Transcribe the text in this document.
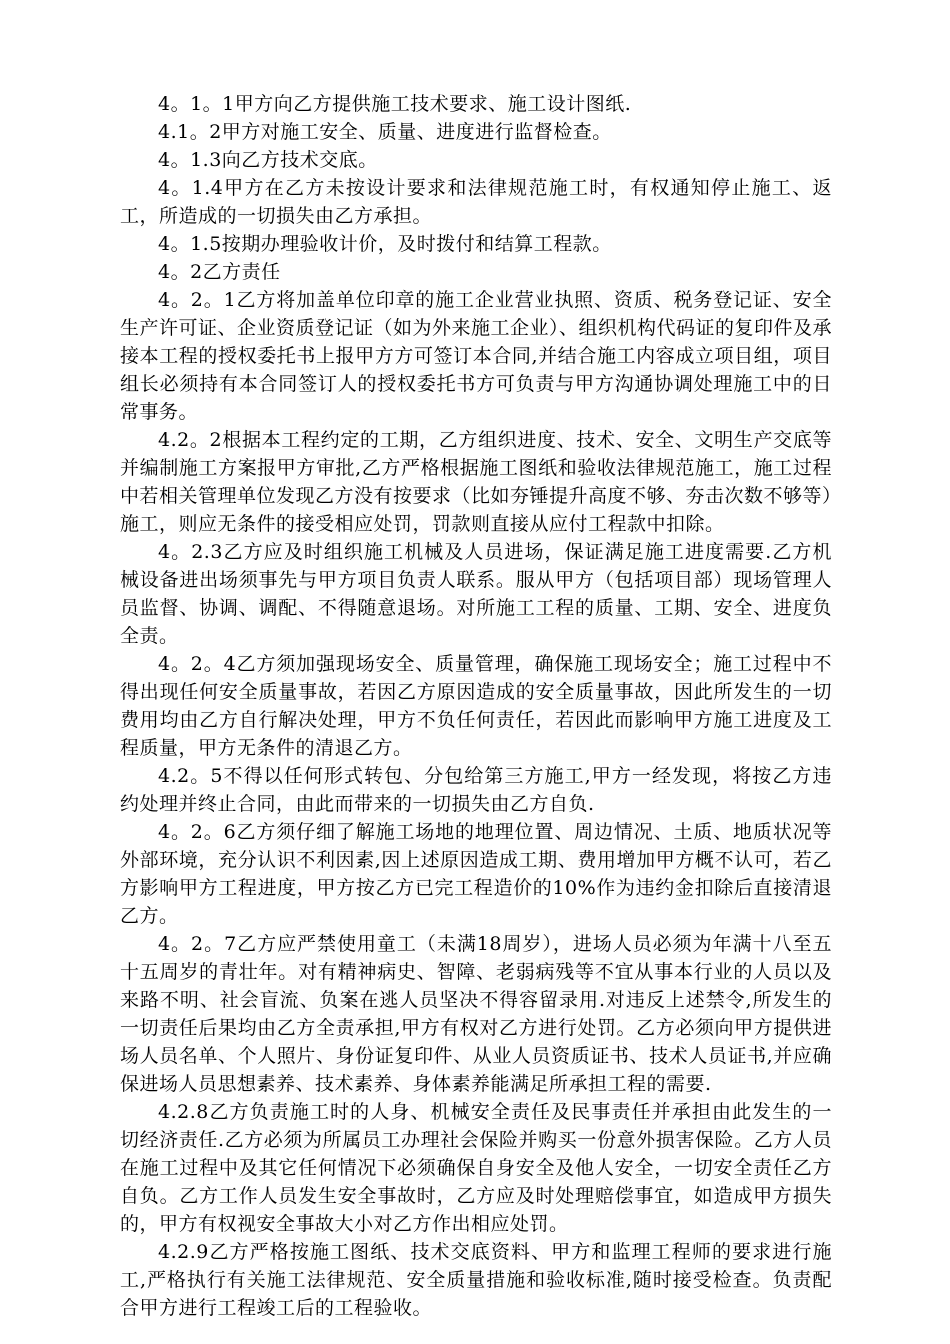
4。1。1甲方向乙方提供施工技术要求、施工设计图纸.

4.1。2甲方对施工安全、质量、进度进行监督检查。

4。1.3向乙方技术交底。

4。1.4甲方在乙方未按设计要求和法律规范施工时，有权通知停止施工、返工，所造成的一切损失由乙方承担。

4。1.5按期办理验收计价，及时拨付和结算工程款。

4。2乙方责任

4。2。1乙方将加盖单位印章的施工企业营业执照、资质、税务登记证、安全生产许可证、企业资质登记证（如为外来施工企业）、组织机构代码证的复印件及承接本工程的授权委托书上报甲方方可签订本合同,并结合施工内容成立项目组，项目组长必须持有本合同签订人的授权委托书方可负责与甲方沟通协调处理施工中的日常事务。

4.2。2根据本工程约定的工期，乙方组织进度、技术、安全、文明生产交底等并编制施工方案报甲方审批,乙方严格根据施工图纸和验收法律规范施工，施工过程中若相关管理单位发现乙方没有按要求（比如夯锤提升高度不够、夯击次数不够等）施工，则应无条件的接受相应处罚，罚款则直接从应付工程款中扣除。

4。2.3乙方应及时组织施工机械及人员进场，保证满足施工进度需要.乙方机械设备进出场须事先与甲方项目负责人联系。服从甲方（包括项目部）现场管理人员监督、协调、调配、不得随意退场。对所施工工程的质量、工期、安全、进度负全责。

4。2。4乙方须加强现场安全、质量管理，确保施工现场安全；施工过程中不得出现任何安全质量事故，若因乙方原因造成的安全质量事故，因此所发生的一切费用均由乙方自行解决处理，甲方不负任何责任，若因此而影响甲方施工进度及工程质量，甲方无条件的清退乙方。

4.2。5不得以任何形式转包、分包给第三方施工,甲方一经发现，将按乙方违约处理并终止合同，由此而带来的一切损失由乙方自负.

4。2。6乙方须仔细了解施工场地的地理位置、周边情况、土质、地质状况等外部环境，充分认识不利因素,因上述原因造成工期、费用增加甲方概不认可，若乙方影响甲方工程进度，甲方按乙方已完工程造价的10%作为违约金扣除后直接清退乙方。

4。2。7乙方应严禁使用童工（未满18周岁），进场人员必须为年满十八至五十五周岁的青壮年。对有精神病史、智障、老弱病残等不宜从事本行业的人员以及来路不明、社会盲流、负案在逃人员坚决不得容留录用.对违反上述禁令,所发生的一切责任后果均由乙方全责承担,甲方有权对乙方进行处罚。乙方必须向甲方提供进场人员名单、个人照片、身份证复印件、从业人员资质证书、技术人员证书,并应确保进场人员思想素养、技术素养、身体素养能满足所承担工程的需要.

4.2.8乙方负责施工时的人身、机械安全责任及民事责任并承担由此发生的一切经济责任.乙方必须为所属员工办理社会保险并购买一份意外损害保险。乙方人员在施工过程中及其它任何情况下必须确保自身安全及他人安全，一切安全责任乙方自负。乙方工作人员发生安全事故时，乙方应及时处理赔偿事宜，如造成甲方损失的，甲方有权视安全事故大小对乙方作出相应处罚。

4.2.9乙方严格按施工图纸、技术交底资料、甲方和监理工程师的要求进行施工,严格执行有关施工法律规范、安全质量措施和验收标准,随时接受检查。负责配合甲方进行工程竣工后的工程验收。
